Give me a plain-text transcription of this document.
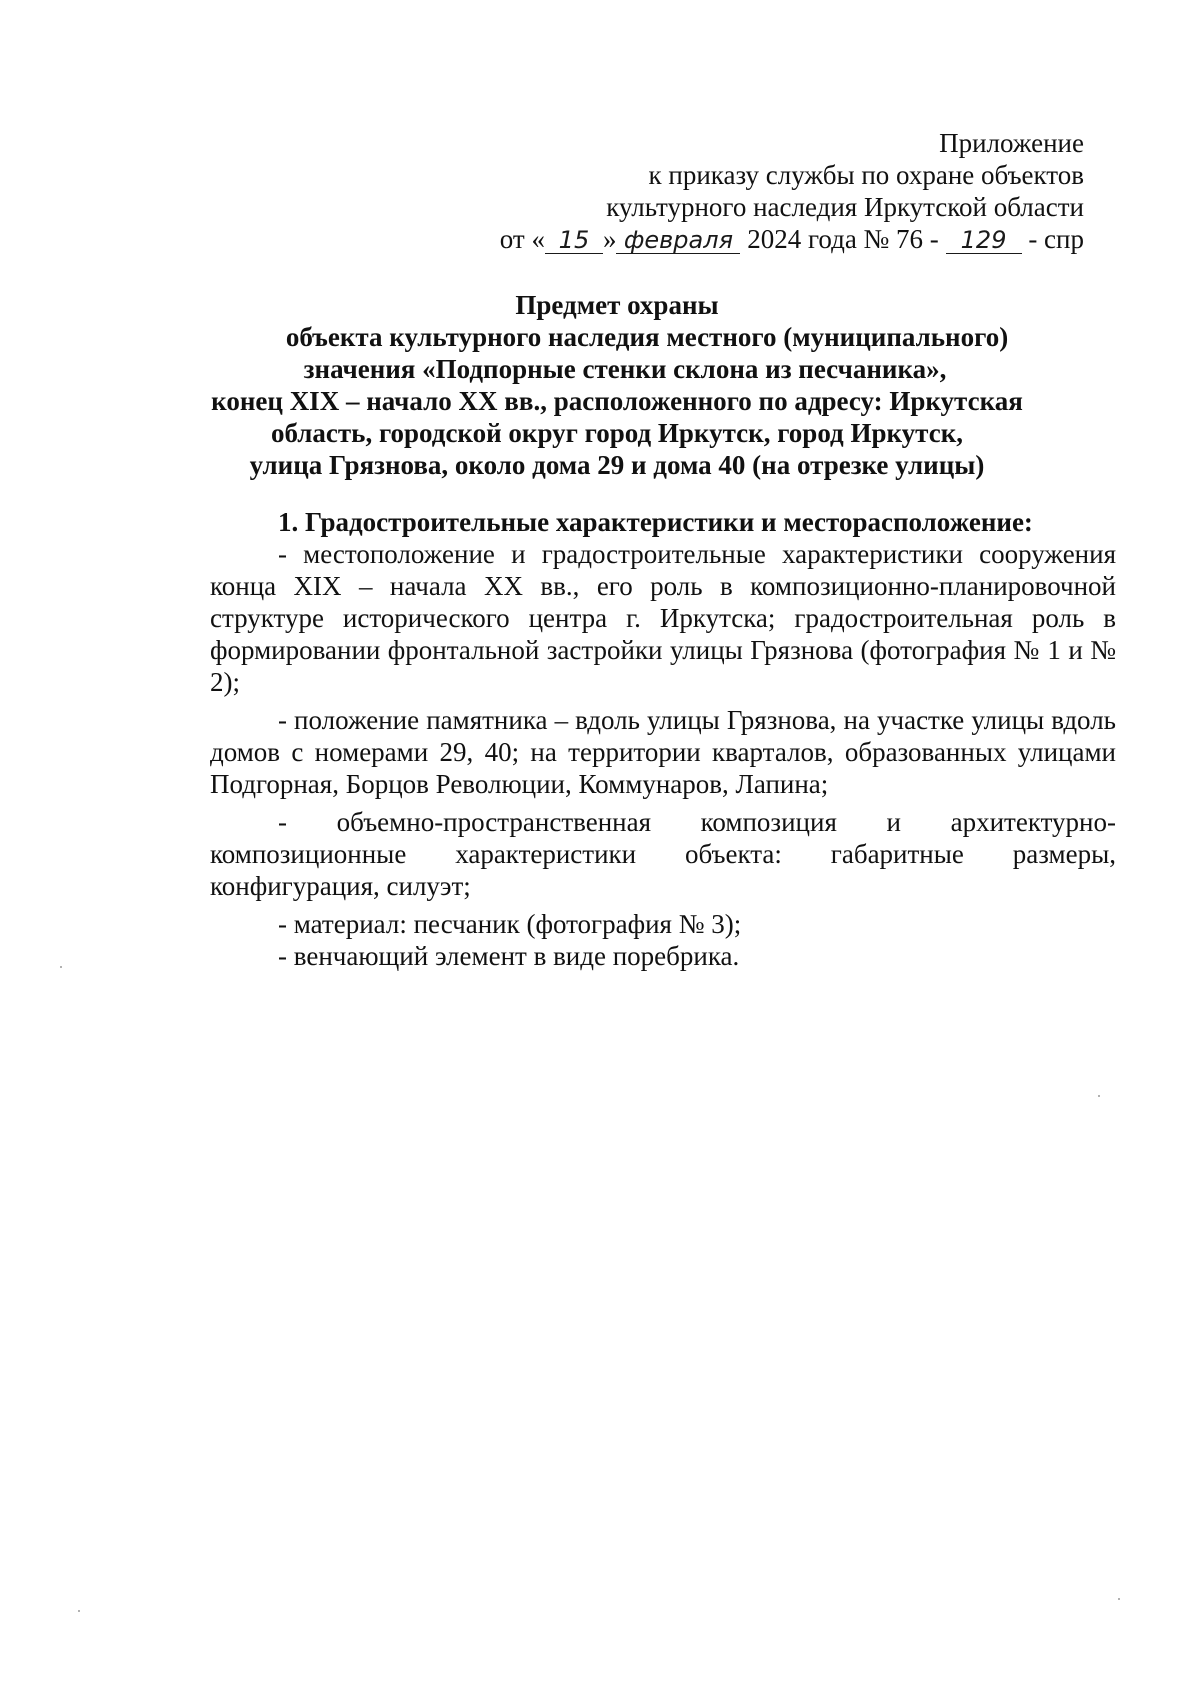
Приложение
к приказу службы по охране объектов
культурного наследия Иркутской области
от « 15 » февраля 2024 года № 76 - 129 - спр
Предмет охраны
объекта культурного наследия местного (муниципального)
значения «Подпорные стенки склона из песчаника»,
конец XIX – начало XX вв., расположенного по адресу: Иркутская
область, городской округ город Иркутск, город Иркутск,
улица Грязнова, около дома 29 и дома 40 (на отрезке улицы)

1. Градостроительные характеристики и месторасположение:

- местоположение и градостроительные характеристики сооружения конца XIX – начала XX вв., его роль в композиционно-планировочной структуре исторического центра г. Иркутска; градостроительная роль в формировании фронтальной застройки улицы Грязнова (фотография № 1 и № 2);

- положение памятника – вдоль улицы Грязнова, на участке улицы вдоль домов с номерами 29, 40; на территории кварталов, образованных улицами Подгорная, Борцов Революции, Коммунаров, Лапина;

- объемно-пространственная композиция и архитектурно-композиционные характеристики объекта: габаритные размеры, конфигурация, силуэт;

- материал: песчаник (фотография № 3);

- венчающий элемент в виде поребрика.
